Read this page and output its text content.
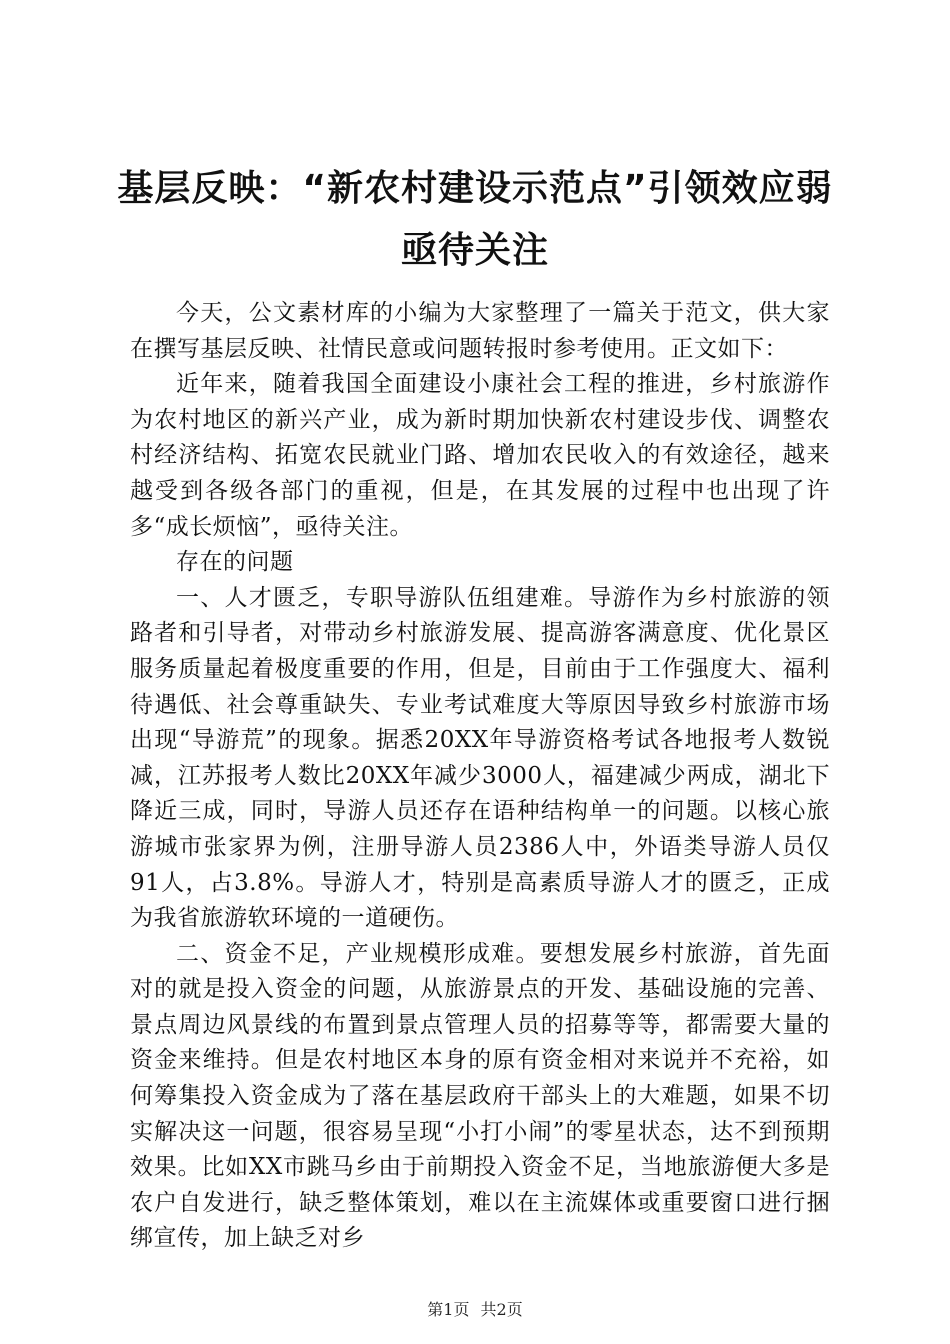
基层反映：“新农村建设示范点”引领效应弱亟待关注

今天，公文素材库的小编为大家整理了一篇关于范文，供大家在撰写基层反映、社情民意或问题转报时参考使用。正文如下：

近年来，随着我国全面建设小康社会工程的推进，乡村旅游作为农村地区的新兴产业，成为新时期加快新农村建设步伐、调整农村经济结构、拓宽农民就业门路、增加农民收入的有效途径，越来越受到各级各部门的重视，但是，在其发展的过程中也出现了许多“成长烦恼”，亟待关注。

存在的问题

一、人才匮乏，专职导游队伍组建难。导游作为乡村旅游的领路者和引导者，对带动乡村旅游发展、提高游客满意度、优化景区服务质量起着极度重要的作用，但是，目前由于工作强度大、福利待遇低、社会尊重缺失、专业考试难度大等原因导致乡村旅游市场出现“导游荒”的现象。据悉20XX年导游资格考试各地报考人数锐减，江苏报考人数比20XX年减少3000人，福建减少两成，湖北下降近三成，同时，导游人员还存在语种结构单一的问题。以核心旅游城市张家界为例，注册导游人员2386人中，外语类导游人员仅91人，占3.8%。导游人才，特别是高素质导游人才的匮乏，正成为我省旅游软环境的一道硬伤。

二、资金不足，产业规模形成难。要想发展乡村旅游，首先面对的就是投入资金的问题，从旅游景点的开发、基础设施的完善、景点周边风景线的布置到景点管理人员的招募等等，都需要大量的资金来维持。但是农村地区本身的原有资金相对来说并不充裕，如何筹集投入资金成为了落在基层政府干部头上的大难题，如果不切实解决这一问题，很容易呈现“小打小闹”的零星状态，达不到预期效果。比如XX市跳马乡由于前期投入资金不足，当地旅游便大多是农户自发进行，缺乏整体策划，难以在主流媒体或重要窗口进行捆绑宣传，加上缺乏对乡

第1页 共2页
